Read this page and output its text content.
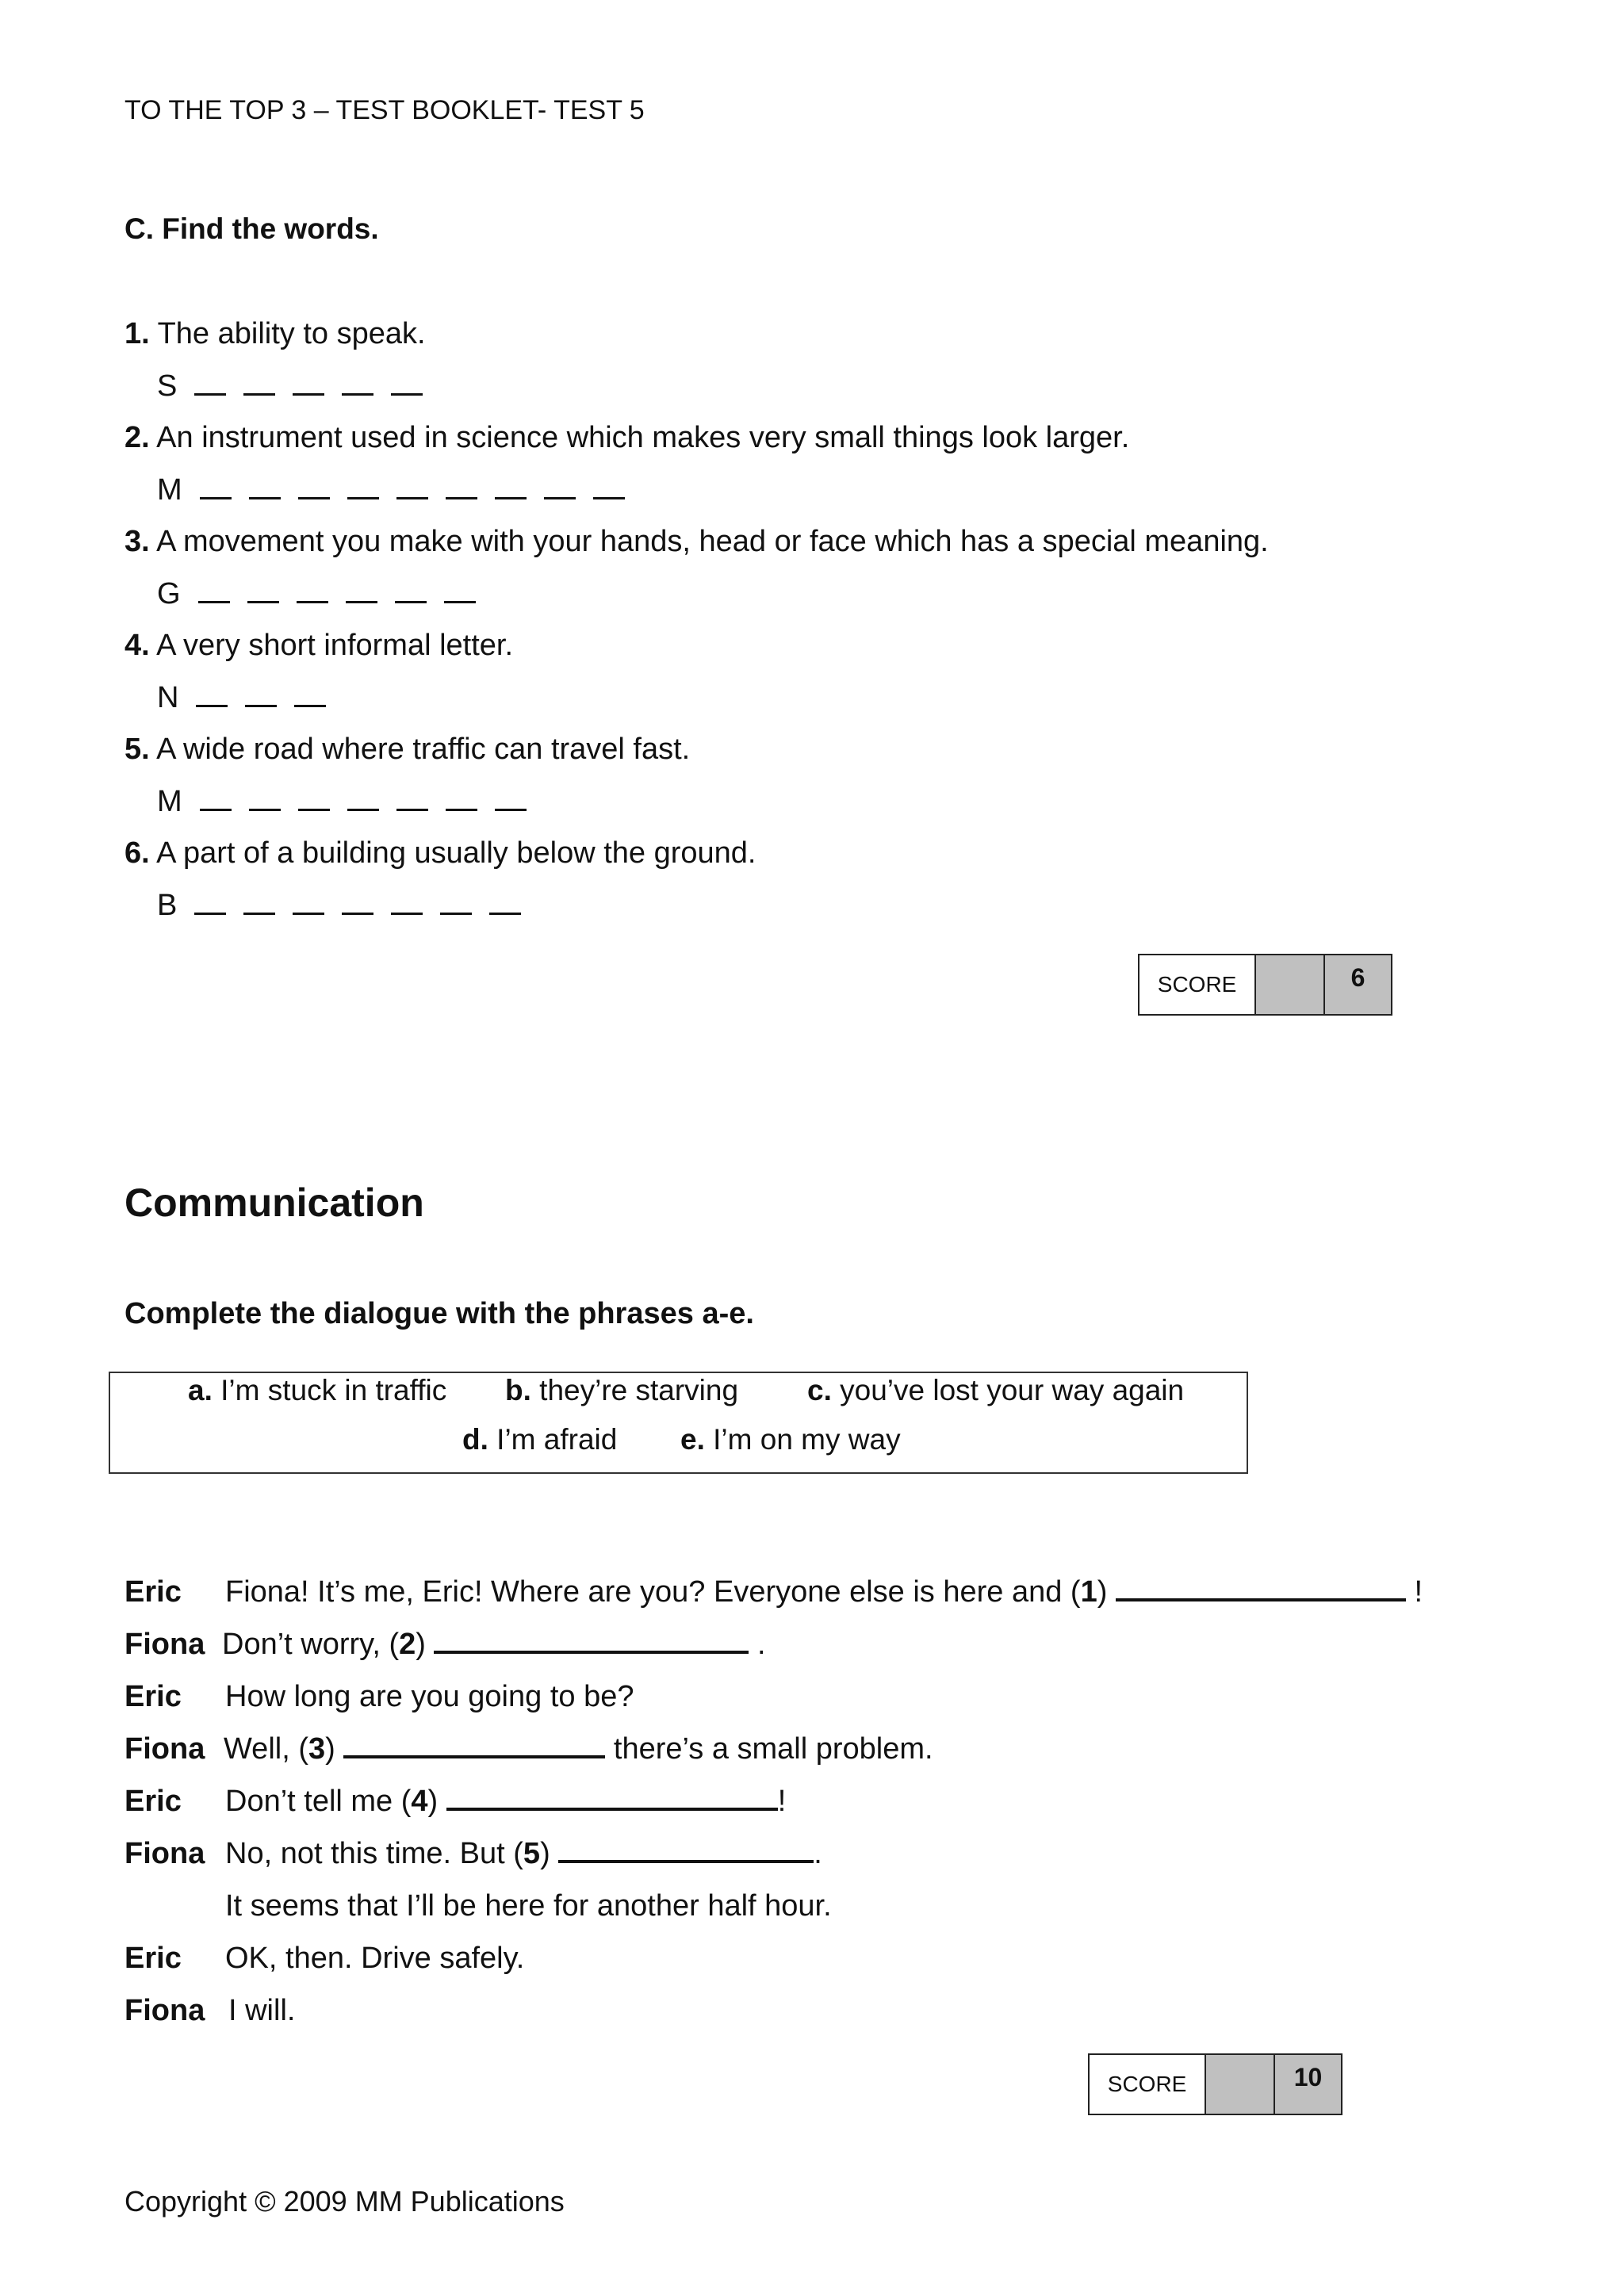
TO THE TOP 3 – TEST BOOKLET- TEST 5
C. Find the words.
1. The ability to speak.
S
2. An instrument used in science which makes very small things look larger.
M
3. A movement you make with your hands, head or face which has a special meaning.
G
4. A very short informal letter.
N
5. A wide road where traffic can travel fast.
M
6. A part of a building usually below the ground.
B
SCORE	6
Communication
Complete the dialogue with the phrases a-e.
a. I’m stuck in traffic b. they’re starving c. you’ve lost your way again
d. I’m afraid e. I’m on my way
Eric Fiona! It’s me, Eric! Where are you? Everyone else is here and (1)	!
Fiona Don’t worry, (2)	.
Eric How long are you going to be?
Fiona Well, (3)	there’s a small problem.
Eric Don’t tell me (4)	!
Fiona No, not this time. But (5)	.
It seems that I’ll be here for another half hour.
Eric OK, then. Drive safely.
Fiona I will.
SCORE	10
Copyright © 2009 MM Publications
